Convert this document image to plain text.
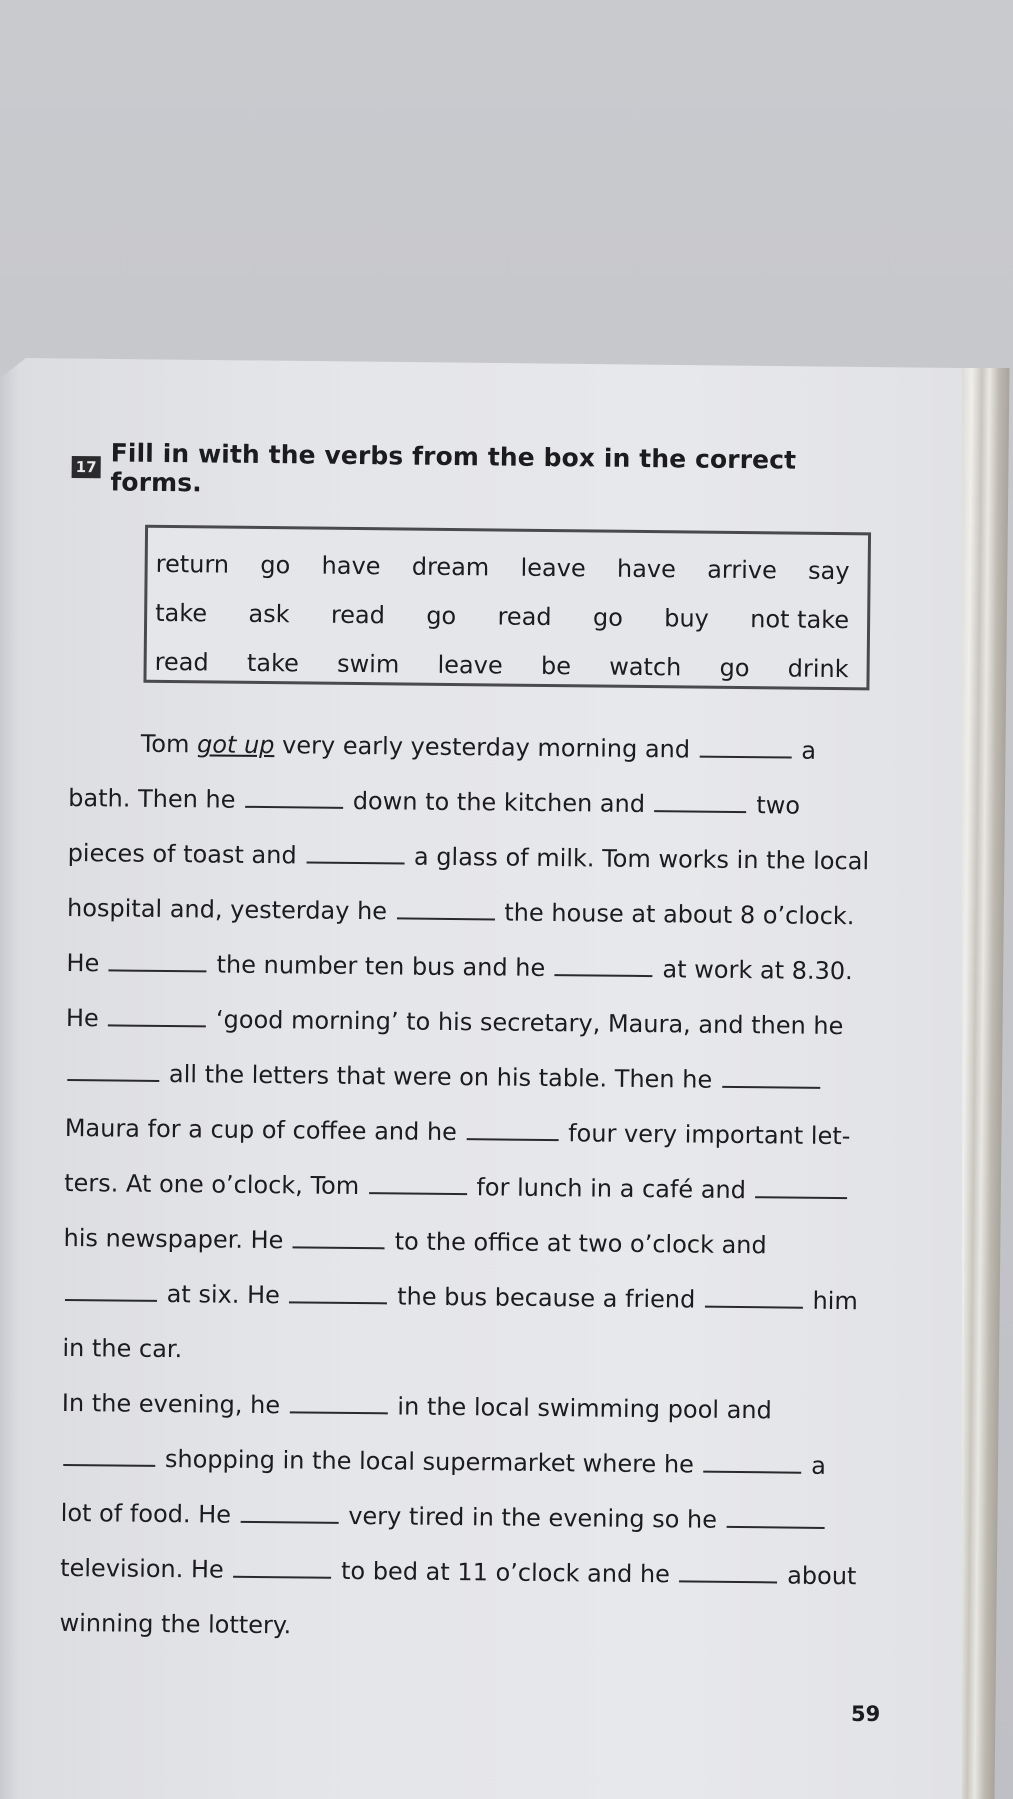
17 Fill in with the verbs from the box in the correct forms.
return go have dream leave have arrive say
take ask read go read go buy not take
read take swim leave be watch go drink
Tom got up very early yesterday morning and	a
bath. Then he	down to the kitchen and	two
pieces of toast and	a glass of milk. Tom works in the local
hospital and, yesterday he	the house at about 8 o’clock.
He	the number ten bus and he	at work at 8.30.
He	‘good morning’ to his secretary, Maura, and then he
all the letters that were on his table. Then he
Maura for a cup of coffee and he	four very important let-
ters. At one o’clock, Tom	for lunch in a café and
his newspaper. He	to the office at two o’clock and
at six. He	the bus because a friend	him
in the car.
In the evening, he	in the local swimming pool and
shopping in the local supermarket where he	a
lot of food. He	very tired in the evening so he
television. He	to bed at 11 o’clock and he	about
winning the lottery.
59
